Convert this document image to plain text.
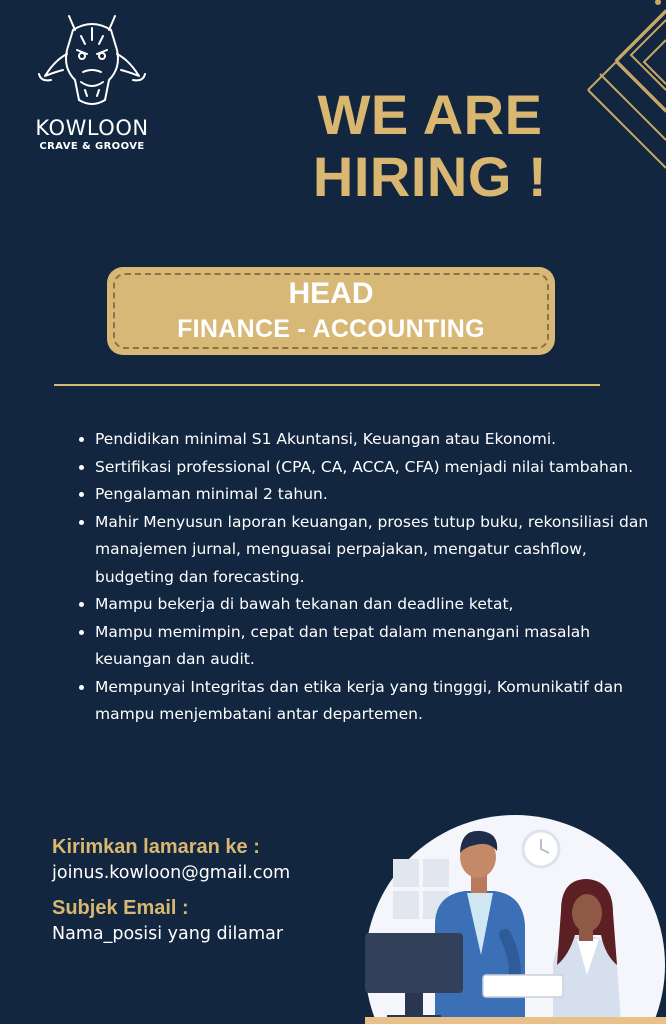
KOWLOON
CRAVE & GROOVE
WE ARE
HIRING !
HEAD
FINANCE - ACCOUNTING
• Pendidikan minimal S1 Akuntansi, Keuangan atau Ekonomi.
• Sertifikasi professional (CPA, CA, ACCA, CFA) menjadi nilai tambahan.
• Pengalaman minimal 2 tahun.
• Mahir Menyusun laporan keuangan, proses tutup buku, rekonsiliasi dan manajemen jurnal, menguasai perpajakan, mengatur cashflow, budgeting dan forecasting.
• Mampu bekerja di bawah tekanan dan deadline ketat,
• Mampu memimpin, cepat dan tepat dalam menangani masalah keuangan dan audit.
• Mempunyai Integritas dan etika kerja yang tingggi, Komunikatif dan mampu menjembatani antar departemen.
Kirimkan lamaran ke :
joinus.kowloon@gmail.com
Subjek Email :
Nama_posisi yang dilamar
